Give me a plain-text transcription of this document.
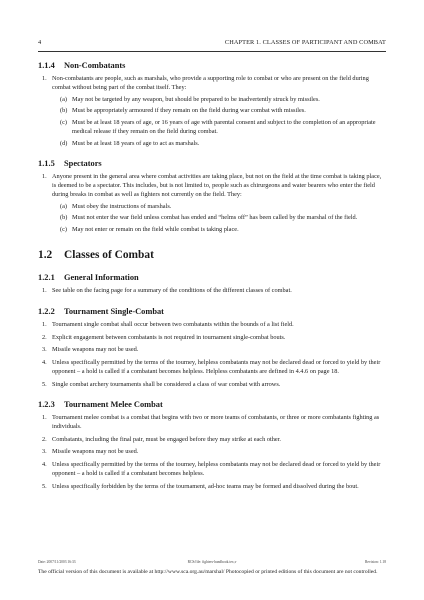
4	CHAPTER 1. CLASSES OF PARTICIPANT AND COMBAT
1.1.4 Non-Combatants
1. Non-combatants are people, such as marshals, who provide a supporting role to combat or who are present on the field during combat without being part of the combat itself. They:
(a) May not be targeted by any weapon, but should be prepared to be inadvertently struck by missiles.
(b) Must be appropriately armoured if they remain on the field during war combat with missiles.
(c) Must be at least 18 years of age, or 16 years of age with parental consent and subject to the completion of an appropriate medical release if they remain on the field during combat.
(d) Must be at least 18 years of age to act as marshals.
1.1.5 Spectators
1. Anyone present in the general area where combat activities are taking place, but not on the field at the time combat is taking place, is deemed to be a spectator. This includes, but is not limited to, people such as chirurgeons and water bearers who enter the field during breaks in combat as well as fighters not currently on the field. They:
(a) Must obey the instructions of marshals.
(b) Must not enter the war field unless combat has ended and “helms off” has been called by the marshal of the field.
(c) May not enter or remain on the field while combat is taking place.
1.2 Classes of Combat
1.2.1 General Information
1. See table on the facing page for a summary of the conditions of the different classes of combat.
1.2.2 Tournament Single-Combat
1. Tournament single combat shall occur between two combatants within the bounds of a list field.
2. Explicit engagement between combatants is not required in tournament single-combat bouts.
3. Missile weapons may not be used.
4. Unless specifically permitted by the terms of the tourney, helpless combatants may not be declared dead or forced to yield by their opponent – a hold is called if a combatant becomes helpless. Helpless combatants are defined in 4.4.6 on page 18.
5. Single combat archery tournaments shall be considered a class of war combat with arrows.
1.2.3 Tournament Melee Combat
1. Tournament melee combat is a combat that begins with two or more teams of combatants, or three or more combatants fighting as individuals.
2. Combatants, including the final pair, must be engaged before they may strike at each other.
3. Missile weapons may not be used.
4. Unless specifically permitted by the terms of the tourney, helpless combatants may not be declared dead or forced to yield by their opponent – a hold is called if a combatant becomes helpless.
5. Unless specifically forbidden by the terms of the tournament, ad-hoc teams may be formed and dissolved during the bout.
Date: 2007/11/2003 16:33	RCS/file: fighters-handbook.tex,v	Revision: 1.18
The official version of this document is available at http://www.sca.org.au/marshal/ Photocopied or printed editions of this document are not controlled.
